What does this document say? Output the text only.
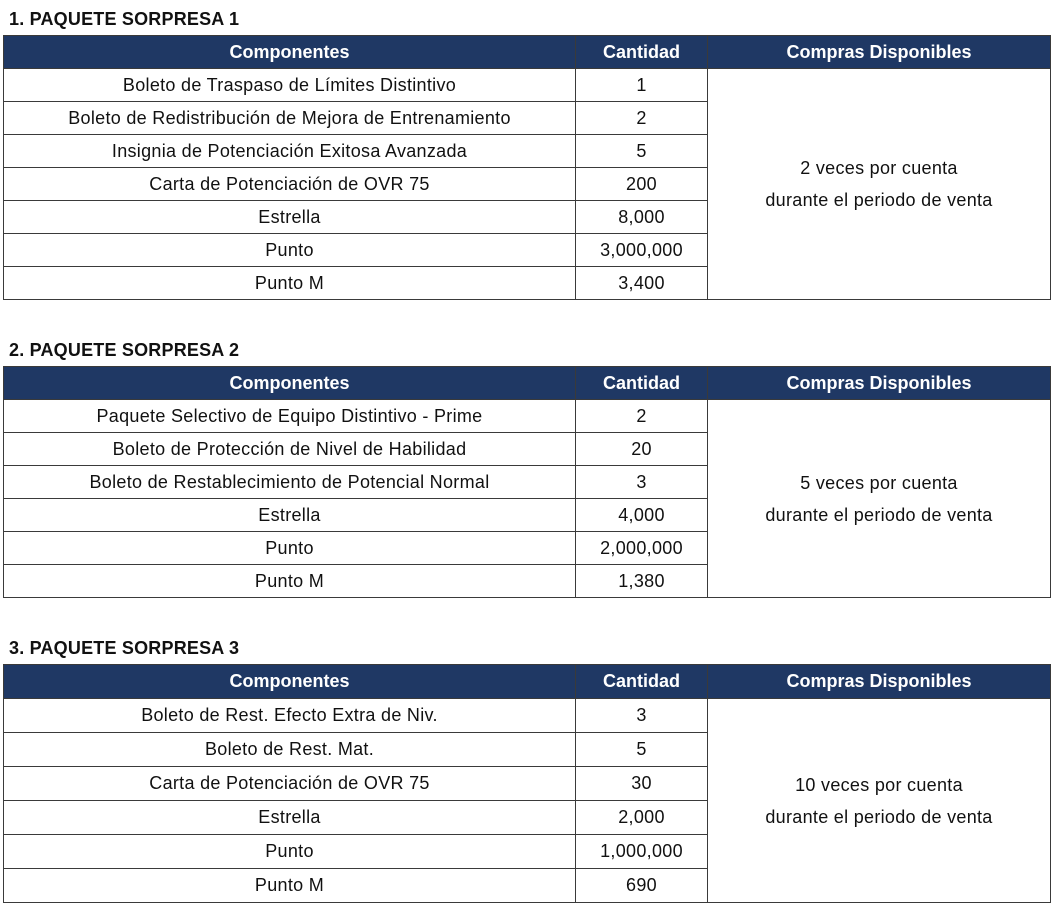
1. PAQUETE SORPRESA 1
Componentes	Cantidad	Compras Disponibles
Boleto de Traspaso de Límites Distintivo	1	2 veces por cuenta
durante el periodo de venta

Boleto de Redistribución de Mejora de Entrenamiento	2	
Insignia de Potenciación Exitosa Avanzada	5	
Carta de Potenciación de OVR 75	200	
Estrella	8,000	
Punto	3,000,000	
Punto M	3,400	
2. PAQUETE SORPRESA 2
Componentes	Cantidad	Compras Disponibles
Paquete Selectivo de Equipo Distintivo - Prime	2	5 veces por cuenta
durante el periodo de venta

Boleto de Protección de Nivel de Habilidad	20	
Boleto de Restablecimiento de Potencial Normal	3	
Estrella	4,000	
Punto	2,000,000	
Punto M	1,380	
3. PAQUETE SORPRESA 3
Componentes	Cantidad	Compras Disponibles
Boleto de Rest. Efecto Extra de Niv.	3	10 veces por cuenta
durante el periodo de venta

Boleto de Rest. Mat.	5	
Carta de Potenciación de OVR 75	30	
Estrella	2,000	
Punto	1,000,000	
Punto M	690	
